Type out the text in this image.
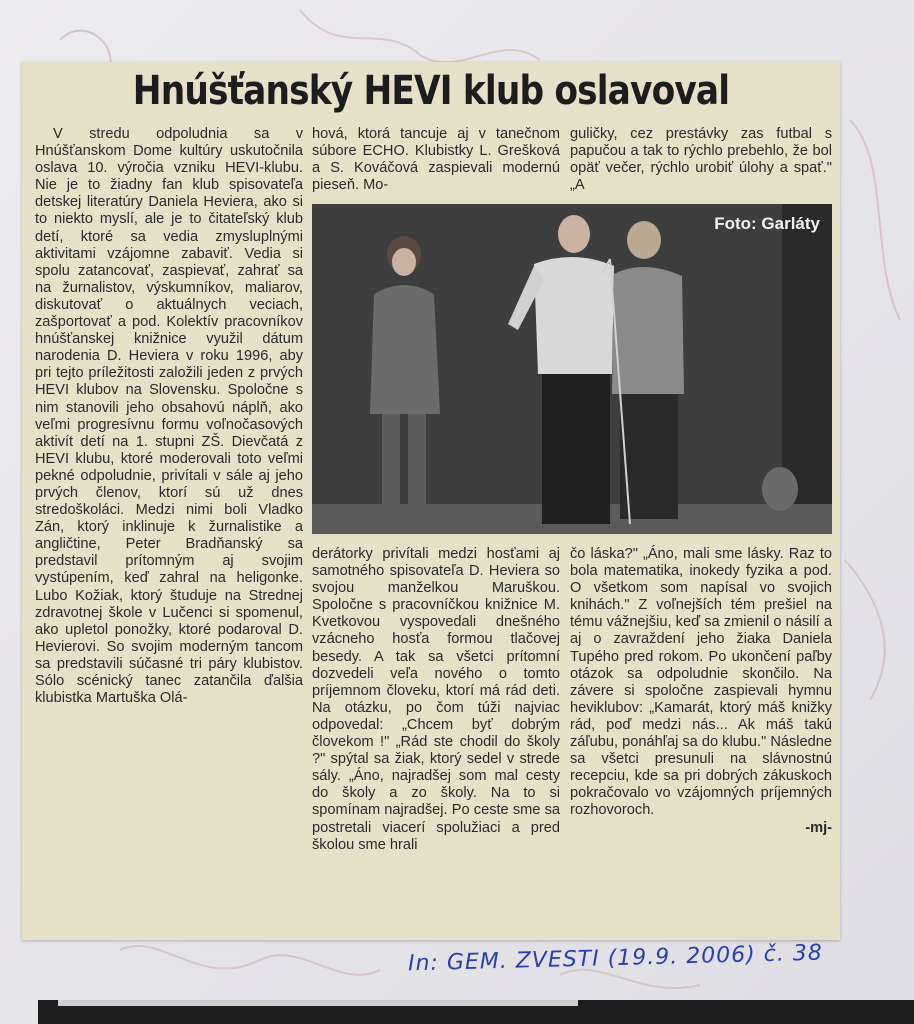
Hnúšťanský HEVI klub oslavoval

V stredu odpoludnia sa v Hnúšťanskom Dome kultúry uskutočnila oslava 10. výročia vzniku HEVI-klubu. Nie je to žiadny fan klub spisovateľa detskej literatúry Daniela Heviera, ako si to niekto myslí, ale je to čitateľský klub detí, ktoré sa vedia zmysluplnými aktivitami vzájomne zabaviť. Vedia si spolu zatancovať, zaspievať, zahrať sa na žurnalistov, výskumníkov, maliarov, diskutovať o aktuálnych veciach, zašportovať a pod. Kolektív pracovníkov hnúšťanskej knižnice využil dátum narodenia D. Heviera v roku 1996, aby pri tejto príležitosti založili jeden z prvých HEVI klubov na Slovensku. Spoločne s nim stanovili jeho obsahovú náplň, ako veľmi progresívnu formu voľnočasových aktivít detí na 1. stupni ZŠ. Dievčatá z HEVI klubu, ktoré moderovali toto veľmi pekné odpoludnie, privítali v sále aj jeho prvých členov, ktorí sú už dnes stredoškoláci. Medzi nimi boli Vladko Zán, ktorý inklinuje k žurnalistike a angličtine, Peter Bradňanský sa predstavil prítomným aj svojim vystúpením, keď zahral na heligonke. Lubo Kožiak, ktorý študuje na Strednej zdravotnej škole v Lučenci si spomenul, ako upletol ponožky, ktoré podaroval D. Hevierovi. So svojim moderným tancom sa predstavili súčasné tri páry klubistov. Sólo scénický tanec zatančila ďalšia klubistka Martuška Olá-

hová, ktorá tancuje aj v tanečnom súbore ECHO. Klubistky L. Grešková a S. Kováčová zaspievali modernú pieseň. Mo-

guličky, cez prestávky zas futbal s papučou a tak to rýchlo prebehlo, že bol opäť večer, rýchlo urobiť úlohy a spať." „A

Foto: Garláty

derátorky privítali medzi hosťami aj samotného spisovateľa D. Heviera so svojou manželkou Maruškou. Spoločne s pracovníčkou knižnice M. Kvetkovou vyspovedali dnešného vzácneho hosťa formou tlačovej besedy. A tak sa všetci prítomní dozvedeli veľa nového o tomto príjemnom človeku, ktorí má rád deti. Na otázku, po čom túži najviac odpovedal: „Chcem byť dobrým človekom !" „Rád ste chodil do školy ?" spýtal sa žiak, ktorý sedel v strede sály. „Áno, najradšej som mal cesty do školy a zo školy. Na to si spomínam najradšej. Po ceste sme sa postretali viacerí spolužiaci a pred školou sme hrali

čo láska?" „Áno, mali sme lásky. Raz to bola matematika, inokedy fyzika a pod. O všetkom som napísal vo svojich knihách." Z voľnejších tém prešiel na tému vážnejšiu, keď sa zmienil o násilí a aj o zavraždení jeho žiaka Daniela Tupého pred rokom. Po ukončení paľby otázok sa odpoludnie skončilo. Na závere si spoločne zaspievali hymnu heviklubov: „Kamarát, ktorý máš knižky rád, poď medzi nás... Ak máš takú záľubu, ponáhľaj sa do klubu." Následne sa všetci presunuli na slávnostnú recepciu, kde sa pri dobrých zákuskoch pokračovalo vo vzájomných príjemných rozhovoroch.

-mj-
In: GEM. ZVESTI (19.9. 2006) č. 38
